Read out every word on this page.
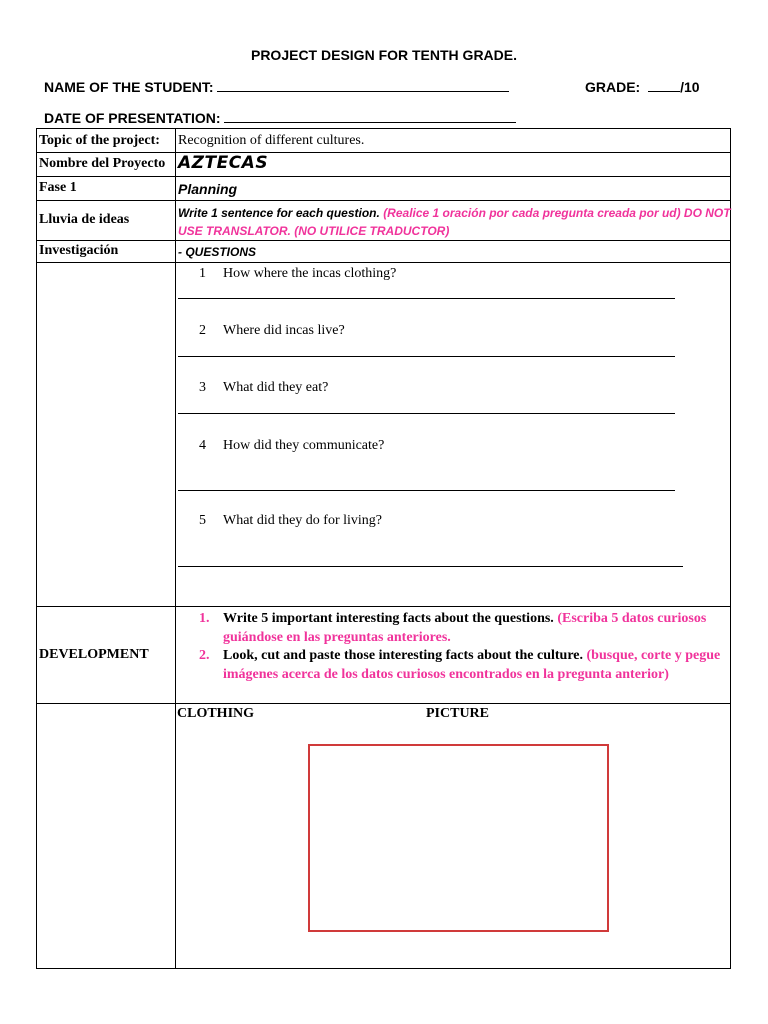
PROJECT DESIGN FOR TENTH GRADE.
NAME OF THE STUDENT:	GRADE:	/10
DATE OF PRESENTATION:
Topic of the project: Recognition of different cultures.
Nombre del Proyecto AZTECAS
Fase 1	Planning
Lluvia de ideas	Write 1 sentence for each question. (Realice 1 oración por cada pregunta creada por ud) DO NOT
USE TRANSLATOR. (NO UTILICE TRADUCTOR)
Investigación	- QUESTIONS
1 How where the incas clothing?
2 Where did incas live?
3 What did they eat?
4 How did they communicate?
5 What did they do for living?
DEVELOPMENT
1. Write 5 important interesting facts about the questions. (Escriba 5 datos curiosos guiándose en las preguntas anteriores.
2. Look, cut and paste those interesting facts about the culture. (busque, corte y pegue imágenes acerca de los datos curiosos encontrados en la pregunta anterior)
CLOTHING	PICTURE
